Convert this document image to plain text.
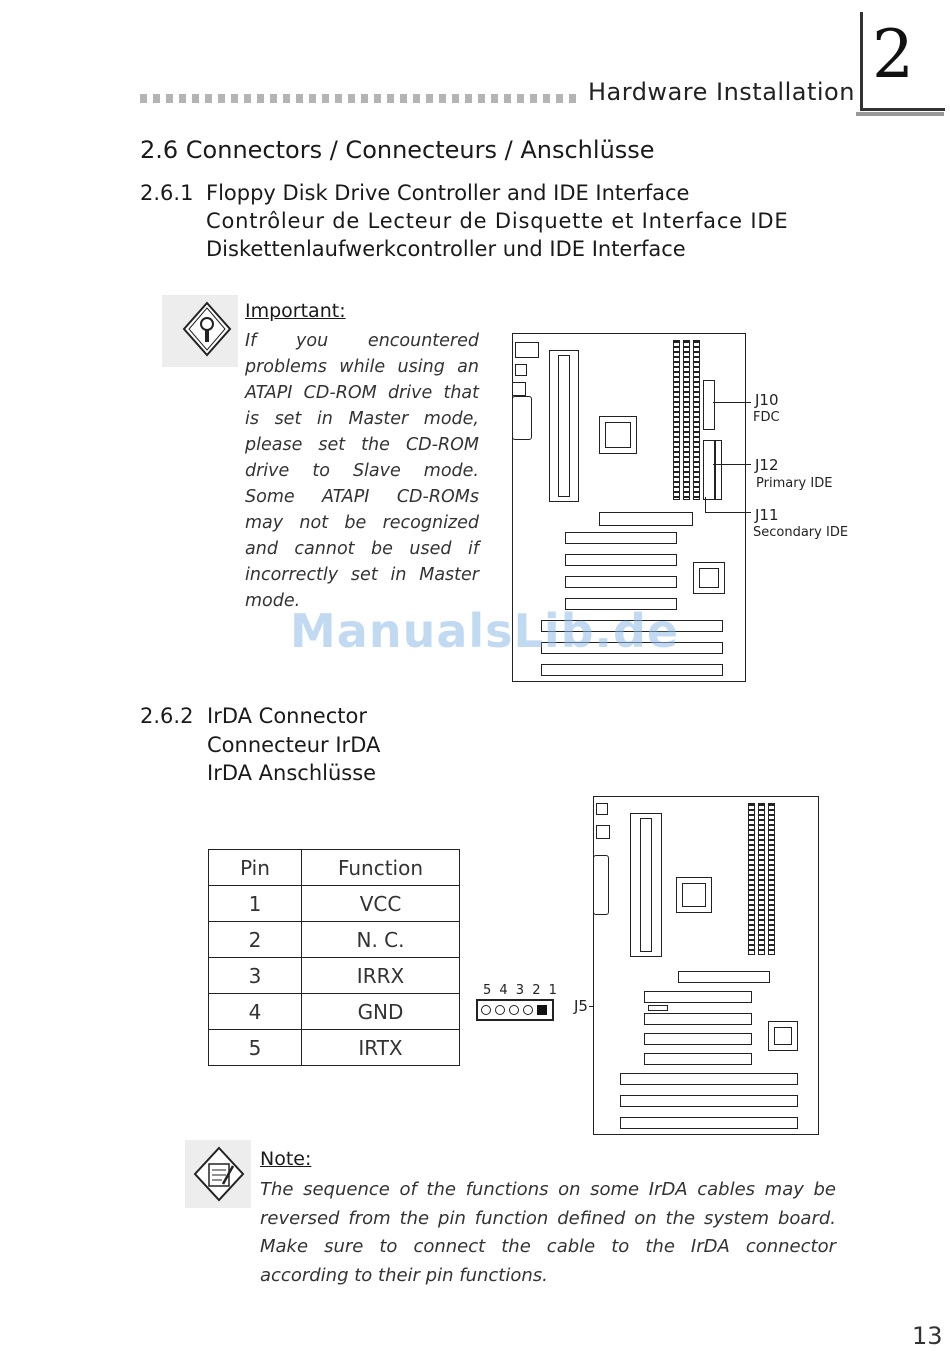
Hardware Installation 2
2.6 Connectors / Connecteurs / Anschlüsse
2.6.1 Floppy Disk Drive Controller and IDE Interface
Contrôleur de Lecteur de Disquette et Interface IDE
Diskettenlaufwerkcontroller und IDE Interface
Important:
If you encountered problems while using an ATAPI CD-ROM drive that is set in Master mode, please set the CD-ROM drive to Slave mode. Some ATAPI CD-ROMs may not be recognized and cannot be used if incorrectly set in Master mode.
J10
FDC
J12
Primary IDE
J11
Secondary IDE
ManualsLib.de
2.6.2 IrDA Connector
Connecteur IrDA
IrDA Anschlüsse
Pin	Function
1	VCC
2	N. C.
3	IRRX
4	GND
5	IRTX
5 4 3 2 1
J5
Note:
The sequence of the functions on some IrDA cables may be reversed from the pin function defined on the system board. Make sure to connect the cable to the IrDA connector according to their pin functions.
13
